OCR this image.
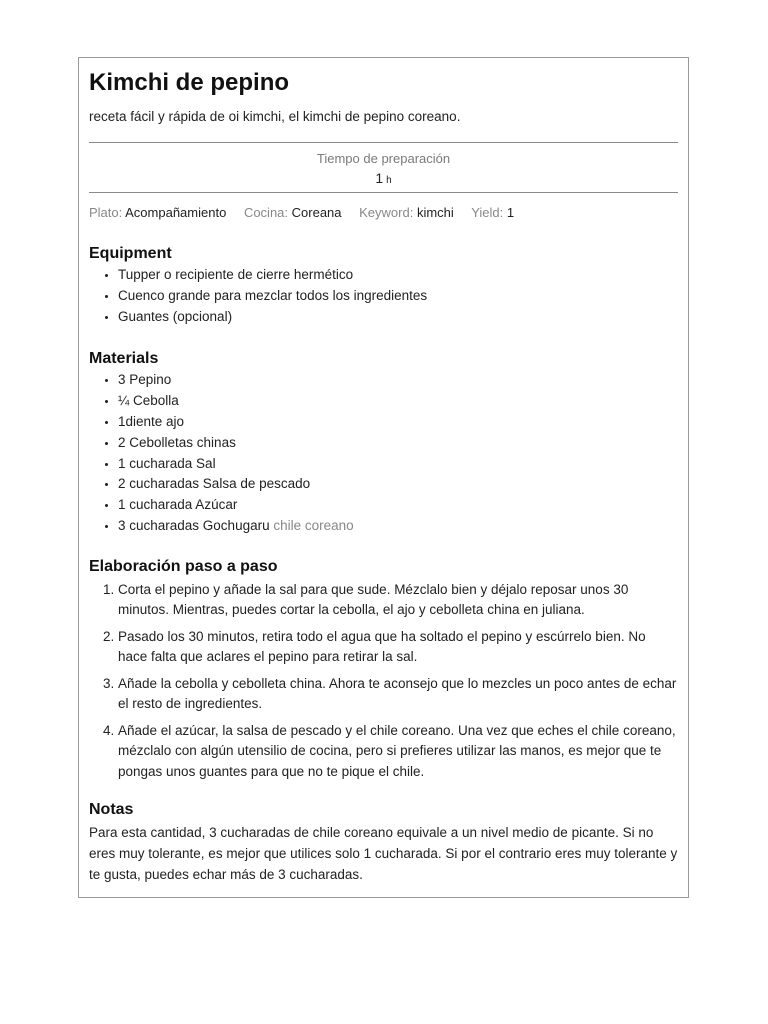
Kimchi de pepino

receta fácil y rápida de oi kimchi, el kimchi de pepino coreano.

Tiempo de preparación
1 h
Plato: Acompañamiento Cocina: Coreana Keyword: kimchi Yield: 1
Equipment
• Tupper o recipiente de cierre hermético
• Cuenco grande para mezclar todos los ingredientes
• Guantes (opcional)
Materials
• 3 Pepino
• ¼ Cebolla
• 1diente ajo
• 2 Cebolletas chinas
• 1 cucharada Sal
• 2 cucharadas Salsa de pescado
• 1 cucharada Azúcar
• 3 cucharadas Gochugaru chile coreano
Elaboración paso a paso
1. Corta el pepino y añade la sal para que sude. Mézclalo bien y déjalo reposar unos 30 minutos. Mientras, puedes cortar la cebolla, el ajo y cebolleta china en juliana.
2. Pasado los 30 minutos, retira todo el agua que ha soltado el pepino y escúrrelo bien. No hace falta que aclares el pepino para retirar la sal.
3. Añade la cebolla y cebolleta china. Ahora te aconsejo que lo mezcles un poco antes de echar el resto de ingredientes.
4. Añade el azúcar, la salsa de pescado y el chile coreano. Una vez que eches el chile coreano, mézclalo con algún utensilio de cocina, pero si prefieres utilizar las manos, es mejor que te pongas unos guantes para que no te pique el chile.
Notas

Para esta cantidad, 3 cucharadas de chile coreano equivale a un nivel medio de picante. Si no eres muy tolerante, es mejor que utilices solo 1 cucharada. Si por el contrario eres muy tolerante y te gusta, puedes echar más de 3 cucharadas.
